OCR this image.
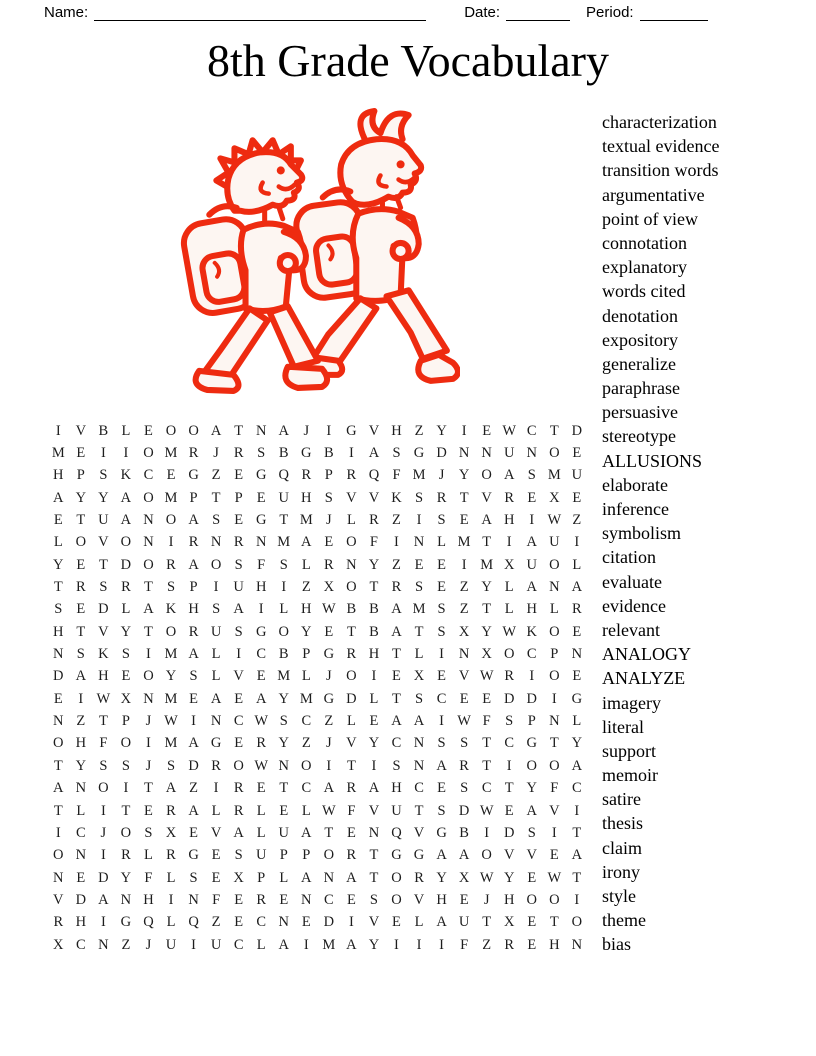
Name:	Date:	Period:
8th Grade Vocabulary
I	V B L E O O A T N A J	I	G V H Z Y	I	E W C T D
M E	I	I	O M R	J	R S B G B	I	A S G D N N U N O E
H P S K C E G Z E G Q R P R Q F M J Y O A S M U
A Y Y A O M P T P E U H S V V K S R T V R E X E
E T U A N O A S E G T M J	L R Z	I	S E A H	I W Z
L O V O N	I	R N R N M A E O F	I	N L M T	I	A U	I
Y E T D O R A O S F S L R N Y Z E E	I M X U O L
T R S R T S P	I	U H	I	Z X O T R S E Z Y L A N A
S E D L A K H S A	I	L H W B B A M S Z T L H L R
H T V Y T O R U S G O Y E T B A T S X Y W K O E
N S K S	I M A L	I	C B P G R H T L	I	N X O C P N
D A H E O Y S L V E M L	J O	I	E X E V W R	I	O E
E	I W X N M E A E A Y M G D L T S C E E D D	I	G
N Z T P	J W I	N C W S C Z L E A A	I W F S P N L
O H F O	I M A G E R Y Z	J V Y C N S S T C G T Y
T Y S S	J	S D R O W N O	I	T	I	S N A R T	I	O O A
A N O	I	T A Z	I	R E T C A R A H C E S C T Y F C
T L	I	T E R A L R L E L W F V U T S D W E A V	I
I	C	J O S X E V A L U A T E N Q V G B	I	D S	I	T
O N	I	R L R G E S U P P O R T G G A A O V V E A
N E D Y F L S E X P L A N A T O R Y X W Y E W T
V D A N H	I	N F E R E N C E S O V H E	J H O O	I
R H	I	G Q L Q Z E C N E D	I	V E L A U T X E T O
X C N Z	J U	I	U C L A	I M A Y	I	I	I	F Z R E H N
characterization
textual evidence
transition words
argumentative
point of view
connotation
explanatory
words cited
denotation
expository
generalize
paraphrase
persuasive
stereotype
ALLUSIONS
elaborate
inference
symbolism
citation
evaluate
evidence
relevant
ANALOGY
ANALYZE
imagery
literal
support
memoir
satire
thesis
claim
irony
style
theme
bias
